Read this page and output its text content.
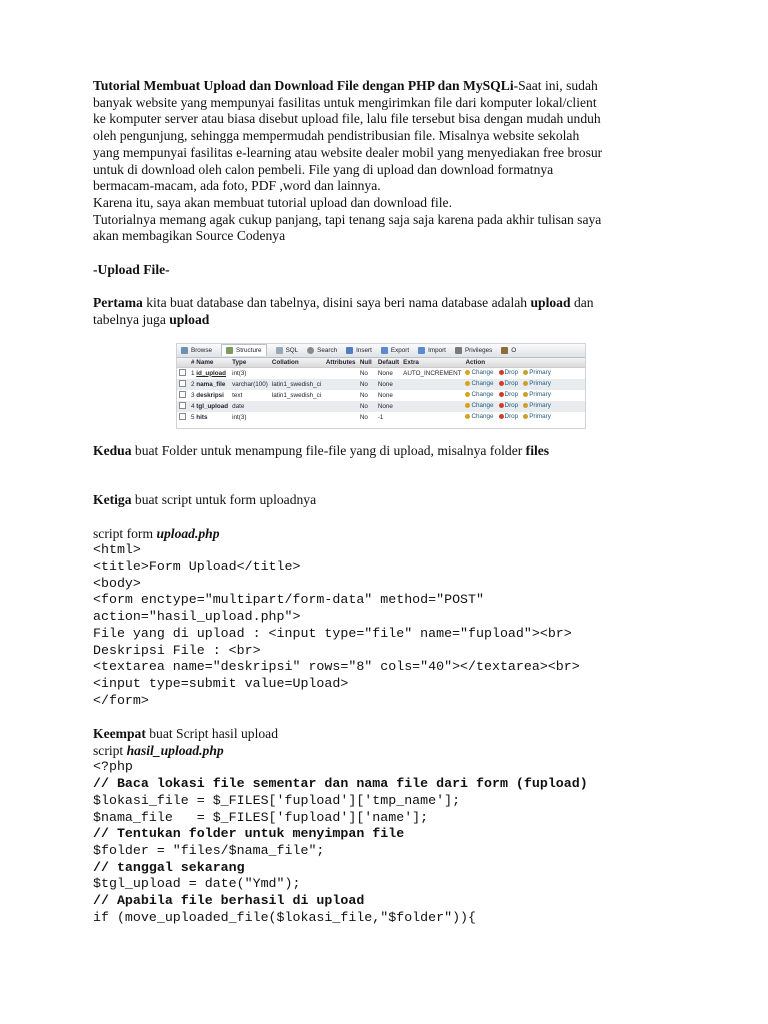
Tutorial Membuat Upload dan Download File dengan PHP dan MySQLi-Saat ini, sudah

banyak website yang mempunyai fasilitas untuk mengirimkan file dari komputer lokal/client

ke komputer server atau biasa disebut upload file, lalu file tersebut bisa dengan mudah unduh

oleh pengunjung, sehingga mempermudah pendistribusian file. Misalnya website sekolah

yang mempunyai fasilitas e-learning atau website dealer mobil yang menyediakan free brosur

untuk di download oleh calon pembeli. File yang di upload dan download formatnya

bermacam-macam, ada foto, PDF ,word dan lainnya.

Karena itu, saya akan membuat tutorial upload dan download file.

Tutorialnya memang agak cukup panjang, tapi tenang saja saja karena pada akhir tulisan saya

akan membagikan Source Codenya

-Upload File-

Pertama kita buat database dan tabelnya, disini saya beri nama database adalah upload dan

tabelnya juga upload

Browse	Structure	SQL	Search	Insert	Export	Import	Privileges	O
	# Name	Type	Collation	Attributes	Null	Default	Extra	Action
	1 id_upload	int(3)			No	None	AUTO_INCREMENT	Change Drop Primary

	2 nama_file	varchar(100)	latin1_swedish_ci		No	None		Change Drop Primary

	3 deskripsi	text	latin1_swedish_ci		No	None		Change Drop Primary

	4 tgl_upload	date			No	None		Change Drop Primary

	5 hits	int(3)			No	-1		Change Drop Primary

Kedua buat Folder untuk menampung file-file yang di upload, misalnya folder files

Ketiga buat script untuk form uploadnya

script form upload.php

<html>
<title>Form Upload</title>
<body>
<form enctype="multipart/form-data" method="POST"
action="hasil_upload.php">
File yang di upload : <input type="file" name="fupload"><br>
Deskripsi File : <br>
<textarea name="deskripsi" rows="8" cols="40"></textarea><br>
<input type=submit value=Upload>
</form>

Keempat buat Script hasil upload

script hasil_upload.php

<?php
// Baca lokasi file sementar dan nama file dari form (fupload)
$lokasi_file = $_FILES['fupload']['tmp_name'];
$nama_file   = $_FILES['fupload']['name'];
// Tentukan folder untuk menyimpan file
$folder = "files/$nama_file";
// tanggal sekarang
$tgl_upload = date("Ymd");
// Apabila file berhasil di upload
if (move_uploaded_file($lokasi_file,"$folder")){
